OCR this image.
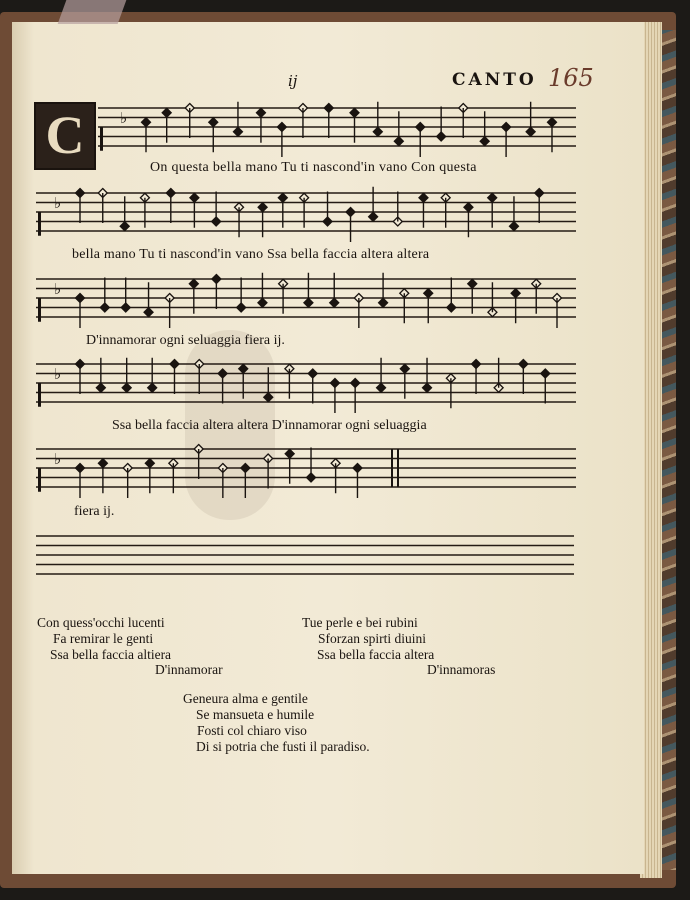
ij	CANTO 165
C	♭
♭
♭
♭
♭
On questa bella mano Tu ti nascond'in vano Con questa
bella mano Tu ti nascond'in vano Ssa bella faccia altera altera
D'innamorar ogni seluaggia fiera ij.
Ssa bella faccia altera altera D'innamorar ogni seluaggia
fiera ij.
Con quess'occhi lucenti
Fa remirar le genti
Ssa bella faccia altiera
D'innamorar
Tue perle e bei rubini
Sforzan spirti diuini
Ssa bella faccia altera
D'innamoras
Geneura alma e gentile
Se mansueta e humile
Fosti col chiaro viso
Di si potria che fusti il paradiso.
